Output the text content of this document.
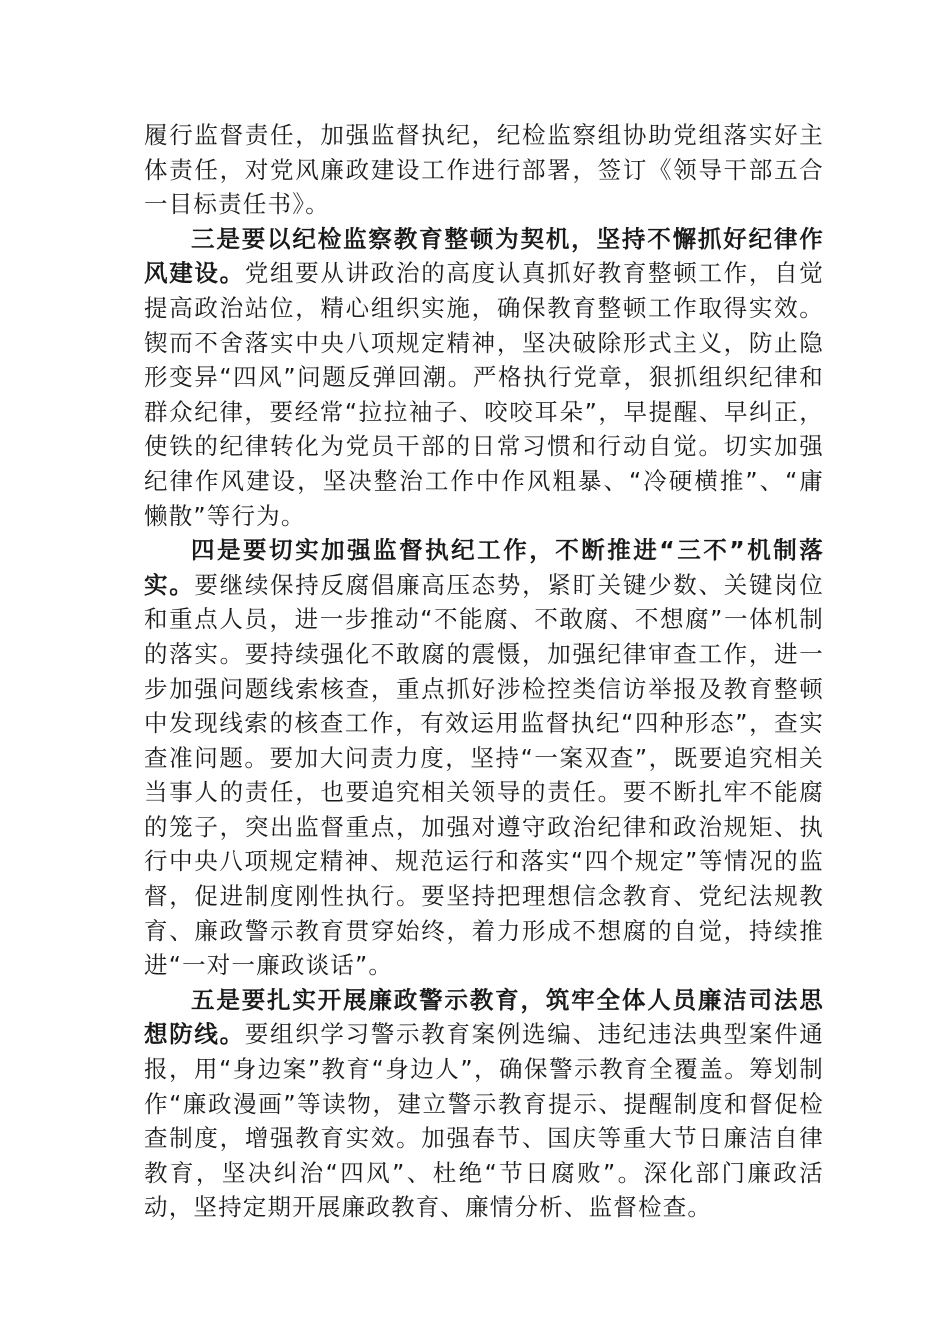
履行监督责任，加强监督执纪，纪检监察组协助党组落实好主体责任，对党风廉政建设工作进行部署，签订《领导干部五合一目标责任书》。

三是要以纪检监察教育整顿为契机，坚持不懈抓好纪律作风建设。党组要从讲政治的高度认真抓好教育整顿工作，自觉提高政治站位，精心组织实施，确保教育整顿工作取得实效。锲而不舍落实中央八项规定精神，坚决破除形式主义，防止隐形变异“四风”问题反弹回潮。严格执行党章，狠抓组织纪律和群众纪律，要经常“拉拉袖子、咬咬耳朵”，早提醒、早纠正，使铁的纪律转化为党员干部的日常习惯和行动自觉。切实加强纪律作风建设，坚决整治工作中作风粗暴、“冷硬横推”、“庸懒散”等行为。

四是要切实加强监督执纪工作，不断推进“三不”机制落实。要继续保持反腐倡廉高压态势，紧盯关键少数、关键岗位和重点人员，进一步推动“不能腐、不敢腐、不想腐”一体机制的落实。要持续强化不敢腐的震慑，加强纪律审查工作，进一步加强问题线索核查，重点抓好涉检控类信访举报及教育整顿中发现线索的核查工作，有效运用监督执纪“四种形态”，查实查准问题。要加大问责力度，坚持“一案双查”，既要追究相关当事人的责任，也要追究相关领导的责任。要不断扎牢不能腐的笼子，突出监督重点，加强对遵守政治纪律和政治规矩、执行中央八项规定精神、规范运行和落实“四个规定”等情况的监督，促进制度刚性执行。要坚持把理想信念教育、党纪法规教育、廉政警示教育贯穿始终，着力形成不想腐的自觉，持续推进“一对一廉政谈话”。

五是要扎实开展廉政警示教育，筑牢全体人员廉洁司法思想防线。要组织学习警示教育案例选编、违纪违法典型案件通报，用“身边案”教育“身边人”，确保警示教育全覆盖。筹划制作“廉政漫画”等读物，建立警示教育提示、提醒制度和督促检查制度，增强教育实效。加强春节、国庆等重大节日廉洁自律教育，坚决纠治“四风”、杜绝“节日腐败”。深化部门廉政活动，坚持定期开展廉政教育、廉情分析、监督检查。
